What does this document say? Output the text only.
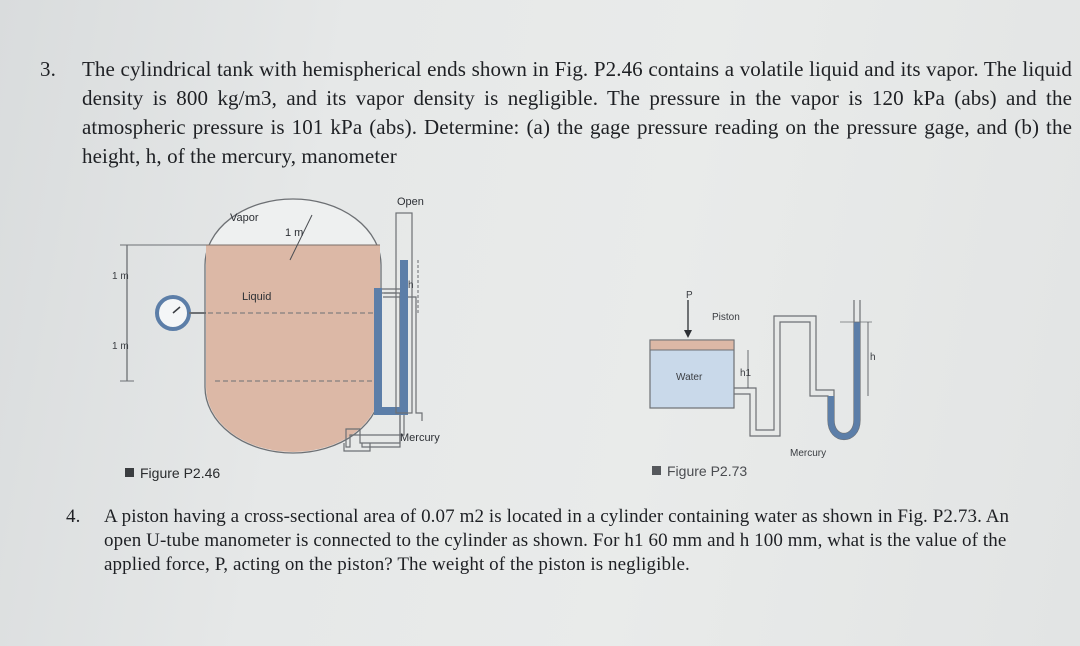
3. The cylindrical tank with hemispherical ends shown in Fig. P2.46 contains a volatile liquid and its vapor. The liquid density is 800 kg/m3, and its vapor density is negligible. The pressure in the vapor is 120 kPa (abs) and the atmospheric pressure is 101 kPa (abs). Determine: (a) the gage pressure reading on the pressure gage, and (b) the height, h, of the mercury, manometer
Vapor
1 m
Liquid
Open
h
Mercury
1 m
1 m
Figure P2.46
P
Piston
Water	h1
h
Mercury
Figure P2.73
4. A piston having a cross-sectional area of 0.07 m2 is located in a cylinder containing water as shown in Fig. P2.73. An open U-tube manometer is connected to the cylinder as shown. For h1 60 mm and h 100 mm, what is the value of the applied force, P, acting on the piston? The weight of the piston is negligible.
